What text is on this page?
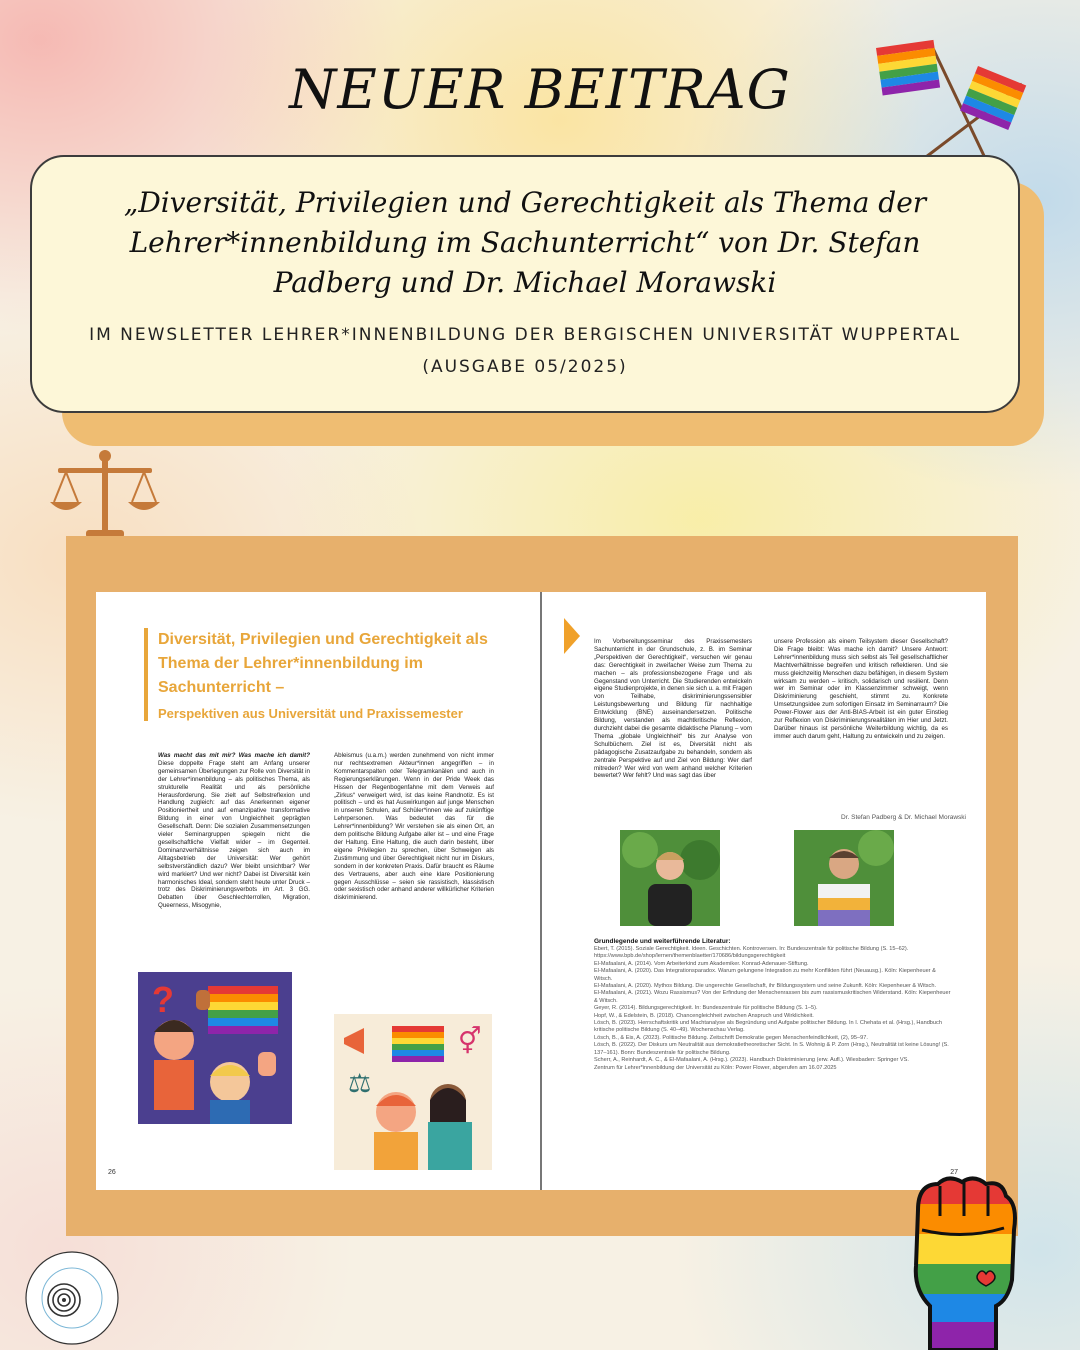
NEUER BEITRAG
„Diversität, Privilegien und Gerechtigkeit als Thema der Lehrer*innenbildung im Sachunterricht“ von Dr. Stefan Padberg und Dr. Michael Morawski
IM NEWSLETTER LEHRER*INNENBILDUNG DER BERGISCHEN UNIVERSITÄT WUPPERTAL (AUSGABE 05/2025)
Diversität, Privilegien und Gerechtigkeit als Thema der Lehrer*innenbildung im Sachunterricht –
Perspektiven aus Universität und Praxissemester
Was macht das mit mir? Was mache ich damit? Diese doppelte Frage steht am Anfang unserer gemeinsamen Überlegungen zur Rolle von Diversität in der Lehrer*innenbildung – als politisches Thema, als strukturelle Realität und als persönliche Herausforderung. Sie zielt auf Selbstreflexion und Handlung zugleich: auf das Anerkennen eigener Positioniertheit und auf emanzipative transformative Bildung in einer von Ungleichheit geprägten Gesellschaft. Denn: Die sozialen Zusammensetzungen vieler Seminargruppen spiegeln nicht die gesellschaftliche Vielfalt wider – im Gegenteil. Dominanzverhältnisse zeigen sich auch im Alltagsbetrieb der Universität: Wer gehört selbstverständlich dazu? Wer bleibt unsichtbar? Wer wird markiert? Und wer nicht? Dabei ist Diversität kein harmonisches Ideal, sondern steht heute unter Druck – trotz des Diskriminierungsverbots im Art. 3 GG. Debatten über Geschlechterrollen, Migration, Queerness, Misogynie,
Ableismus (u.a.m.) werden zunehmend von nicht immer nur rechtsextremen Akteur*innen angegriffen – in Kommentarspalten oder Telegramkanälen und auch in Regierungserklärungen. Wenn in der Pride Week das Hissen der Regenbogenfahne mit dem Verweis auf „Zirkus“ verweigert wird, ist das keine Randnotiz. Es ist politisch – und es hat Auswirkungen auf junge Menschen in unseren Schulen, auf Schüler*innen wie auf zukünftige Lehrpersonen. Was bedeutet das für die Lehrer*innenbildung? Wir verstehen sie als einen Ort, an dem politische Bildung Aufgabe aller ist – und eine Frage der Haltung. Eine Haltung, die auch darin besteht, über eigene Privilegien zu sprechen, über Schweigen als Zustimmung und über Gerechtigkeit nicht nur im Diskurs, sondern in der konkreten Praxis. Dafür braucht es Räume des Vertrauens, aber auch eine klare Positionierung gegen Ausschlüsse – seien sie rassistisch, klassistisch oder sexistisch oder anhand anderer willkürlicher Kriterien diskriminierend.
?
⚥
⚖
26
Im Vorbereitungsseminar des Praxissemesters Sachunterricht in der Grundschule, z. B. im Seminar „Perspektiven der Gerechtigkeit“, versuchen wir genau das: Gerechtigkeit in zweifacher Weise zum Thema zu machen – als professionsbezogene Frage und als Gegenstand von Unterricht. Die Studierenden entwickeln eigene Studienprojekte, in denen sie sich u. a. mit Fragen von Teilhabe, diskriminierungssensibler Leistungsbewertung und Bildung für nachhaltige Entwicklung (BNE) auseinandersetzen. Politische Bildung, verstanden als machtkritische Reflexion, durchzieht dabei die gesamte didaktische Planung – vom Thema „globale Ungleichheit“ bis zur Analyse von Schulbüchern. Ziel ist es, Diversität nicht als pädagogische Zusatzaufgabe zu behandeln, sondern als zentrale Perspektive auf und Ziel von Bildung: Wer darf mitreden? Wer wird von wem anhand welcher Kriterien bewertet? Wer fehlt? Und was sagt das über
unsere Profession als einem Teilsystem dieser Gesellschaft? Die Frage bleibt: Was mache ich damit? Unsere Antwort: Lehrer*innenbildung muss sich selbst als Teil gesellschaftlicher Machtverhältnisse begreifen und kritisch reflektieren. Und sie muss gleichzeitig Menschen dazu befähigen, in diesem System wirksam zu werden – kritisch, solidarisch und resilient. Denn wer im Seminar oder im Klassenzimmer schweigt, wenn Diskriminierung geschieht, stimmt zu. Konkrete Umsetzungsidee zum sofortigen Einsatz im Seminarraum? Die Power-Flower aus der Anti-BIAS-Arbeit ist ein guter Einstieg zur Reflexion von Diskriminierungsrealitäten im Hier und Jetzt. Darüber hinaus ist persönliche Weiterbildung wichtig, da es immer auch darum geht, Haltung zu entwickeln und zu zeigen.
Dr. Stefan Padberg & Dr. Michael Morawski
Grundlegende und weiterführende Literatur:
Ebert, T. (2015). Soziale Gerechtigkeit. Ideen. Geschichten. Kontroversen. In: Bundeszentrale für politische Bildung (S. 15–62). https://www.bpb.de/shop/lernen/themenblaetter/170686/bildungsgerechtigkeit
El-Mafaalani, A. (2014). Vom Arbeiterkind zum Akademiker. Konrad-Adenauer-Stiftung.
El-Mafaalani, A. (2020). Das Integrationsparadox. Warum gelungene Integration zu mehr Konflikten führt (Neuausg.). Köln: Kiepenheuer & Witsch.
El-Mafaalani, A. (2020). Mythos Bildung. Die ungerechte Gesellschaft, ihr Bildungssystem und seine Zukunft. Köln: Kiepenheuer & Witsch.
El-Mafaalani, A. (2021). Wozu Rassismus? Von der Erfindung der Menschenrassen bis zum rassismuskritischen Widerstand. Köln: Kiepenheuer & Witsch.
Geyer, R. (2014). Bildungsgerechtigkeit. In: Bundeszentrale für politische Bildung (S. 1–5).
Hopf, W., & Edelstein, B. (2018). Chancengleichheit zwischen Anspruch und Wirklichkeit.
Lösch, B. (2023). Herrschaftskritik und Machtanalyse als Begründung und Aufgabe politischer Bildung. In I. Chehata et al. (Hrsg.), Handbuch kritische politische Bildung (S. 40–49). Wochenschau Verlag.
Lösch, B., & Eis, A. (2023). Politische Bildung. Zeitschrift Demokratie gegen Menschenfeindlichkeit, (2), 95–97.
Lösch, B. (2022). Der Diskurs um Neutralität aus demokratietheoretischer Sicht. In S. Wohnig & P. Zorn (Hrsg.), Neutralität ist keine Lösung! (S. 137–161). Bonn: Bundeszentrale für politische Bildung.
Scherr, A., Reinhardt, A. C., & El-Mafaalani, A. (Hrsg.). (2023). Handbuch Diskriminierung (erw. Aufl.). Wiesbaden: Springer VS.
Zentrum für Lehrer*innenbildung der Universität zu Köln: Power Flower, abgerufen am 16.07.2025
27
